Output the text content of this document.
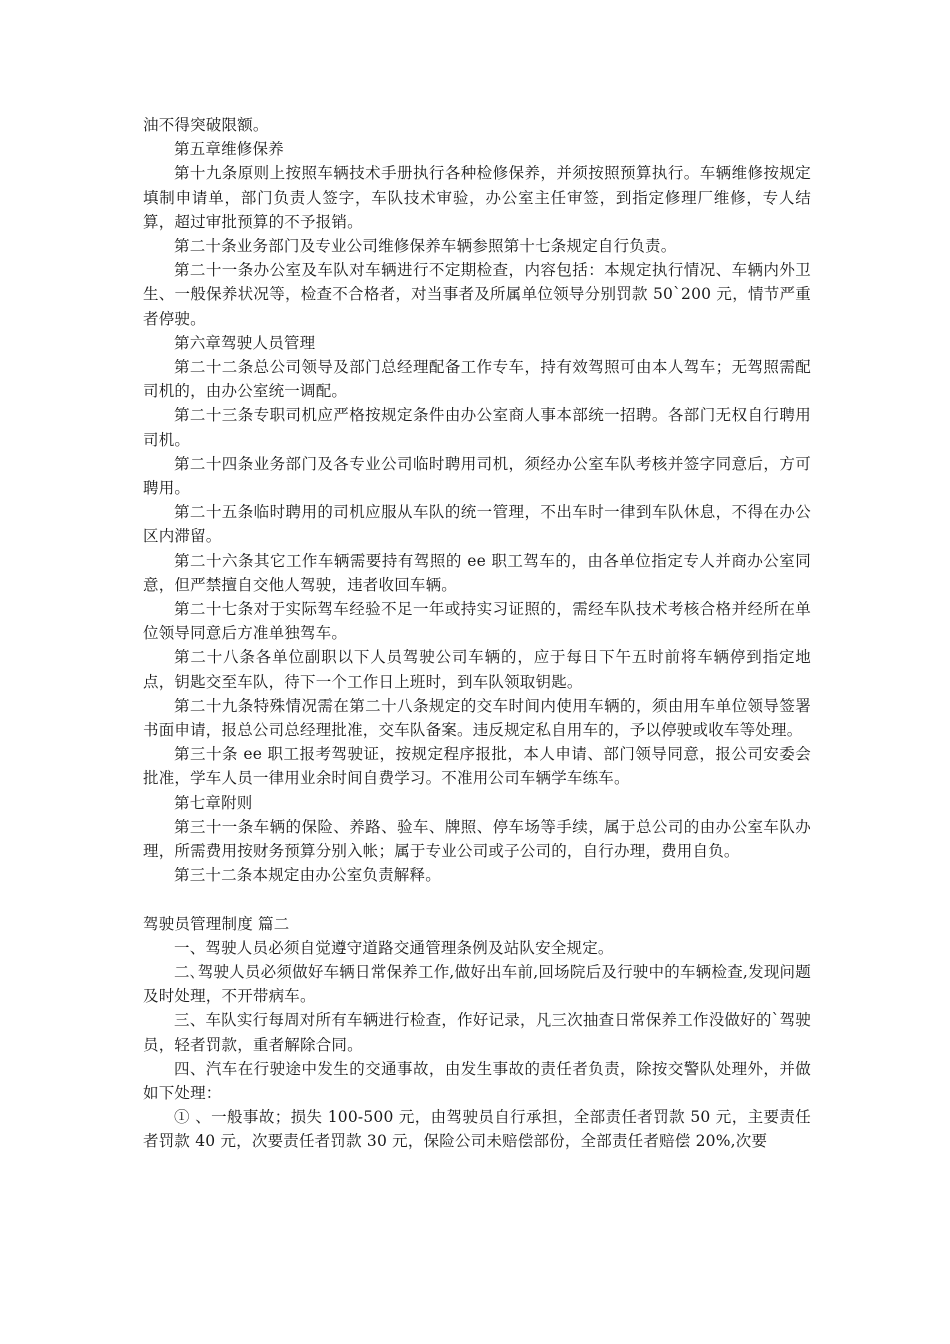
油不得突破限额。

第五章维修保养

第十九条原则上按照车辆技术手册执行各种检修保养，并须按照预算执行。车辆维修按规定填制申请单，部门负责人签字，车队技术审验，办公室主任审签，到指定修理厂维修，专人结算，超过审批预算的不予报销。

第二十条业务部门及专业公司维修保养车辆参照第十七条规定自行负责。

第二十一条办公室及车队对车辆进行不定期检查，内容包括：本规定执行情况、车辆内外卫生、一般保养状况等，检查不合格者，对当事者及所属单位领导分别罚款 50`200 元，情节严重者停驶。

第六章驾驶人员管理

第二十二条总公司领导及部门总经理配备工作专车，持有效驾照可由本人驾车；无驾照需配司机的，由办公室统一调配。

第二十三条专职司机应严格按规定条件由办公室商人事本部统一招聘。各部门无权自行聘用司机。

第二十四条业务部门及各专业公司临时聘用司机，须经办公室车队考核并签字同意后，方可聘用。

第二十五条临时聘用的司机应服从车队的统一管理，不出车时一律到车队休息，不得在办公区内滞留。

第二十六条其它工作车辆需要持有驾照的 ee 职工驾车的，由各单位指定专人并商办公室同意，但严禁擅自交他人驾驶，违者收回车辆。

第二十七条对于实际驾车经验不足一年或持实习证照的，需经车队技术考核合格并经所在单位领导同意后方准单独驾车。

第二十八条各单位副职以下人员驾驶公司车辆的，应于每日下午五时前将车辆停到指定地点，钥匙交至车队，待下一个工作日上班时，到车队领取钥匙。

第二十九条特殊情况需在第二十八条规定的交车时间内使用车辆的，须由用车单位领导签署书面申请，报总公司总经理批准，交车队备案。违反规定私自用车的，予以停驶或收车等处理。

第三十条 ee 职工报考驾驶证，按规定程序报批，本人申请、部门领导同意，报公司安委会批准，学车人员一律用业余时间自费学习。不准用公司车辆学车练车。

第七章附则

第三十一条车辆的保险、养路、验车、牌照、停车场等手续，属于总公司的由办公室车队办理，所需费用按财务预算分别入帐；属于专业公司或子公司的，自行办理，费用自负。

第三十二条本规定由办公室负责解释。

驾驶员管理制度 篇二

一、驾驶人员必须自觉遵守道路交通管理条例及站队安全规定。

二､驾驶人员必须做好车辆日常保养工作,做好出车前,回场院后及行驶中的车辆检查,发现问题及时处理，不开带病车。

三、车队实行每周对所有车辆进行检查，作好记录，凡三次抽查日常保养工作没做好的`驾驶员，轻者罚款，重者解除合同。

四、汽车在行驶途中发生的交通事故，由发生事故的责任者负责，除按交警队处理外，并做如下处理：

① 、一般事故；损失 100-500 元，由驾驶员自行承担，全部责任者罚款 50 元，主要责任者罚款 40 元，次要责任者罚款 30 元，保险公司未赔偿部份，全部责任者赔偿 20%,次要
